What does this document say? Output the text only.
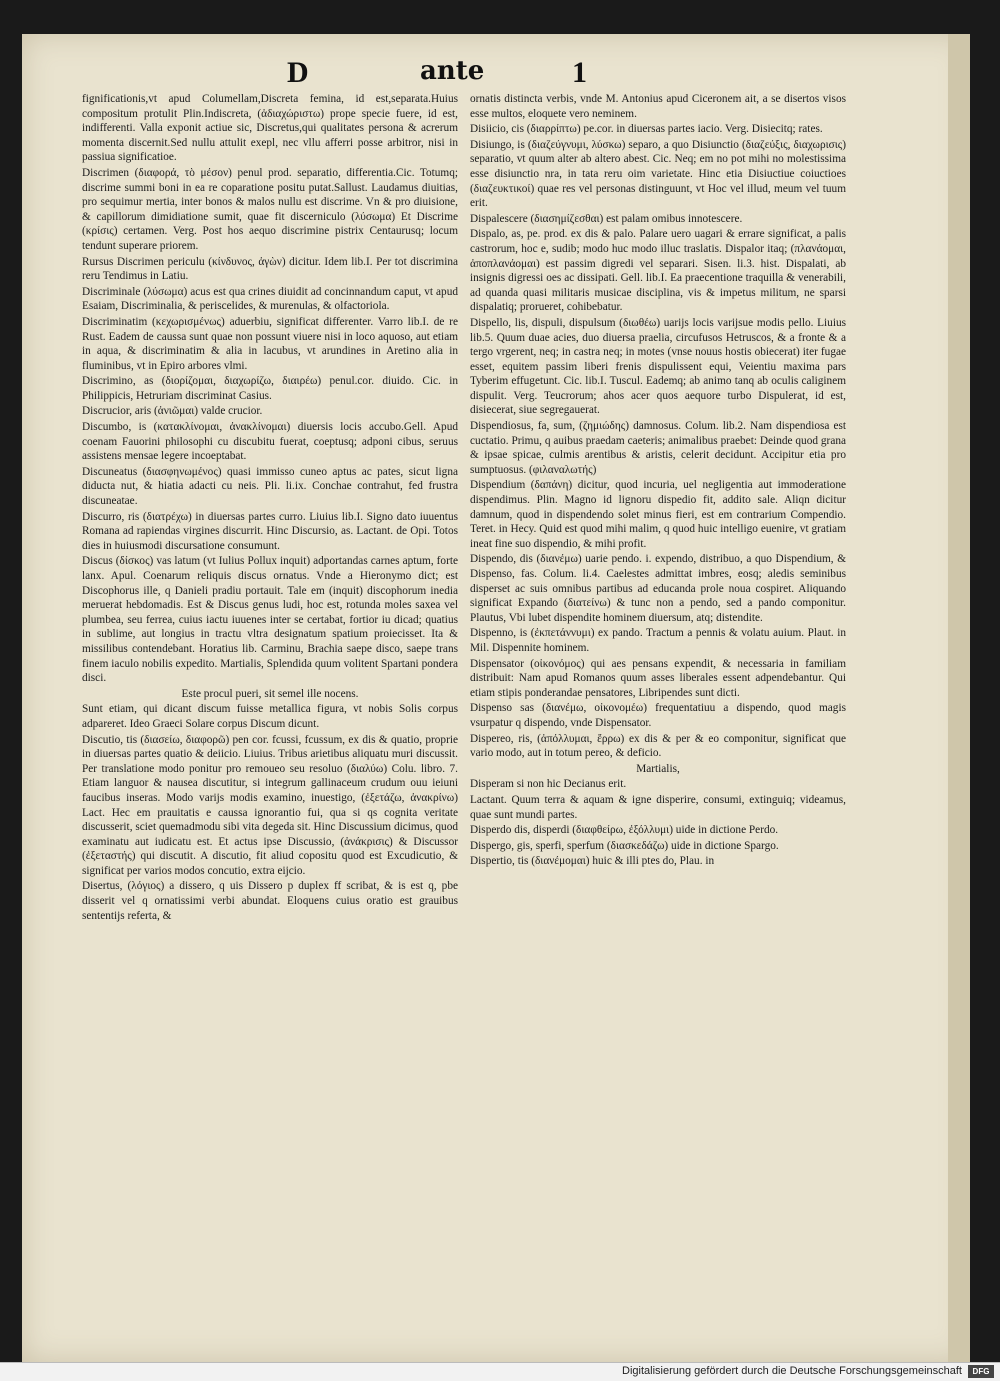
D	ante	1

fignificationis,vt apud Columellam,Discreta femina, id est,separata.Huius compositum protulit Plin.Indiscreta, (ἀδιαχώριστω) prope specie fuere, id est, indifferenti. Valla exponit actiue sic, Discretus,qui qualitates persona & acrerum momenta discernit.Sed nullu attulit exepl, nec vllu afferri posse arbitror, nisi in passiua significatioe.

Discrimen (διαφορά, τὸ μέσον) penul prod. separatio, differentia.Cic. Totumq; discrime summi boni in ea re coparatione positu putat.Sallust. Laudamus diuitias, pro sequimur mertia, inter bonos & malos nullu est discrime. Vn & pro diuisione, & capillorum dimidiatione sumit, quae fit discerniculo (λύσωμα) Et Discrime (κρίσις) certamen. Verg. Post hos aequo discrimine pistrix Centaurusq; locum tendunt superare priorem.

Rursus Discrimen periculu (κίνδυνος, ἀγὼν) dicitur. Idem lib.I. Per tot discrimina reru Tendimus in Latiu.

Discriminale (λύσωμα) acus est qua crines diuidit ad concinnandum caput, vt apud Esaiam, Discriminalia, & periscelides, & murenulas, & olfactoriola.

Discriminatim (κεχωρισμένως) aduerbiu, significat differenter. Varro lib.I. de re Rust. Eadem de caussa sunt quae non possunt viuere nisi in loco aquoso, aut etiam in aqua, & discriminatim & alia in lacubus, vt arundines in Aretino alia in fluminibus, vt in Epiro arbores vlmi.

Discrimino, as (διορίζομαι, διαχωρίζω, διαιρέω) penul.cor. diuido. Cic. in Philippicis, Hetruriam discriminat Casius.

Discrucior, aris (ἀνιῶμαι) valde crucior.

Discumbo, is (κατακλίνομαι, ἀνακλίνομαι) diuersis locis accubo.Gell. Apud coenam Fauorini philosophi cu discubitu fuerat, coeptusq; adponi cibus, seruus assistens mensae legere incoeptabat.

Discuneatus (διασφηνωμένος) quasi immisso cuneo aptus ac pates, sicut ligna diducta nut, & hiatia adacti cu neis. Pli. li.ix. Conchae contrahut, fed frustra discuneatae.

Discurro, ris (διατρέχω) in diuersas partes curro. Liuius lib.I. Signo dato iuuentus Romana ad rapiendas virgines discurrit. Hinc Discursio, as. Lactant. de Opi. Totos dies in huiusmodi discursatione consumunt.

Discus (δίσκος) vas latum (vt Iulius Pollux inquit) adportandas carnes aptum, forte lanx. Apul. Coenarum reliquis discus ornatus. Vnde a Hieronymo dict; est Discophorus ille, q Danieli pradiu portauit. Tale em (inquit) discophorum inedia meruerat hebdomadis. Est & Discus genus ludi, hoc est, rotunda moles saxea vel plumbea, seu ferrea, cuius iactu iuuenes inter se certabat, fortior iu dicad; quatius in sublime, aut longius in tractu vltra designatum spatium proiecisset. Ita & missilibus contendebant. Horatius lib. Carminu, Brachia saepe disco, saepe trans finem iaculo nobilis expedito. Martialis, Splendida quum volitent Spartani pondera disci.

Este procul pueri, sit semel ille nocens.

Sunt etiam, qui dicant discum fuisse metallica figura, vt nobis Solis corpus adpareret. Ideo Graeci Solare corpus Discum dicunt.

Discutio, tis (διασείω, διαφορῶ) pen cor. fcussi, fcussum, ex dis & quatio, proprie in diuersas partes quatio & deiicio. Liuius. Tribus arietibus aliquatu muri discussit. Per translatione modo ponitur pro remoueo seu resoluo (διαλύω) Colu. libro. 7. Etiam languor & nausea discutitur, si integrum gallinaceum crudum ouu ieiuni faucibus inseras. Modo varijs modis examino, inuestigo, (ἐξετάζω, ἀνακρίνω) Lact. Hec em prauitatis e caussa ignorantio fui, qua si qs cognita veritate discusserit, sciet quemadmodu sibi vita degeda sit. Hinc Discussium dicimus, quod examinatu aut iudicatu est. Et actus ipse Discussio, (ἀνάκρισις) & Discussor (ἐξεταστής) qui discutit. A discutio, fit aliud copositu quod est Excudicutio, & significat per varios modos concutio, extra eijcio.

Disertus, (λόγιος) a dissero, q uis Dissero p duplex ff scribat, & is est q, pbe disserit vel q ornatissimi verbi abundat. Eloquens cuius oratio est grauibus sententijs referta, &

ornatis distincta verbis, vnde M. Antonius apud Ciceronem ait, a se disertos visos esse multos, eloquete vero neminem.

Disiicio, cis (διαρρίπτω) pe.cor. in diuersas partes iacio. Verg. Disiecitq; rates.

Disiungo, is (διαζεύγνυμι, λύσκω) separo, a quo Disiunctio (διαζεύξις, διαχωρισις) separatio, vt quum alter ab altero abest. Cic. Neq; em no pot mihi no molestissima esse disiunctio nra, in tata reru oim varietate. Hinc etia Disiuctiue coiuctioes (διαζευκτικοί) quae res vel personas distinguunt, vt Hoc vel illud, meum vel tuum erit.

Dispalescere (διασημίζεσθαι) est palam omibus innotescere.

Dispalo, as, pe. prod. ex dis & palo. Palare uero uagari & errare significat, a palis castrorum, hoc e, sudib; modo huc modo illuc traslatis. Dispalor itaq; (πλανάομαι, ἀποπλανάομαι) est passim digredi vel separari. Sisen. li.3. hist. Dispalati, ab insignis digressi oes ac dissipati. Gell. lib.I. Ea praecentione traquilla & venerabili, ad quanda quasi militaris musicae disciplina, vis & impetus militum, ne sparsi dispalatiq; prorueret, cohibebatur.

Dispello, lis, dispuli, dispulsum (διωθέω) uarijs locis varijsue modis pello. Liuius lib.5. Quum duae acies, duo diuersa praelia, circufusos Hetruscos, & a fronte & a tergo vrgerent, neq; in castra neq; in motes (vnse nouus hostis obiecerat) iter fugae esset, equitem passim liberi frenis dispulissent equi, Veientiu maxima pars Tyberim effugetunt. Cic. lib.I. Tuscul. Eademq; ab animo tanq ab oculis caliginem dispulit. Verg. Teucrorum; ahos acer quos aequore turbo Dispulerat, id est, disiecerat, siue segregauerat.

Dispendiosus, fa, sum, (ζημιώδης) damnosus. Colum. lib.2. Nam dispendiosa est cuctatio. Primu, q auibus praedam caeteris; animalibus praebet: Deinde quod grana & ipsae spicae, culmis arentibus & aristis, celerit decidunt. Accipitur etia pro sumptuosus. (φιλαναλωτής)

Dispendium (δαπάνη) dicitur, quod incuria, uel negligentia aut immoderatione dispendimus. Plin. Magno id lignoru dispedio fit, addito sale. Aliqn dicitur damnum, quod in dispendendo solet minus fieri, est em contrarium Compendio. Teret. in Hecy. Quid est quod mihi malim, q quod huic intelligo euenire, vt gratiam ineat fine suo dispendio, & mihi profit.

Dispendo, dis (διανέμω) uarie pendo. i. expendo, distribuo, a quo Dispendium, & Dispenso, fas. Colum. li.4. Caelestes admittat imbres, eosq; aledis seminibus disperset ac suis omnibus partibus ad educanda prole noua cospiret. Aliquando significat Expando (διατείνω) & tunc non a pendo, sed a pando componitur. Plautus, Vbi lubet dispendite hominem diuersum, atq; distendite.

Dispenno, is (ἐκπετάννυμι) ex pando. Tractum a pennis & volatu auium. Plaut. in Mil. Dispennite hominem.

Dispensator (οἰκονόμος) qui aes pensans expendit, & necessaria in familiam distribuit: Nam apud Romanos quum asses liberales essent adpendebantur. Qui etiam stipis ponderandae pensatores, Libripendes sunt dicti.

Dispenso sas (διανέμω, οἰκονομέω) frequentatiuu a dispendo, quod magis vsurpatur q dispendo, vnde Dispensator.

Dispereo, ris, (ἀπόλλυμαι, ἔρρω) ex dis & per & eo componitur, significat que vario modo, aut in totum pereo, & deficio.

Martialis,

Disperam si non hic Decianus erit.

Lactant. Quum terra & aquam & igne disperire, consumi, extinguiq; videamus, quae sunt mundi partes.

Disperdo dis, disperdi (διαφθείρω, ἐξόλλυμι) uide in dictione Perdo.

Dispergo, gis, sperfi, sperfum (διασκεδάζω) uide in dictione Spargo.

Dispertio, tis (διανέμομαι) huic & illi ptes do, Plau. in

Digitalisierung gefördert durch die Deutsche Forschungsgemeinschaft	DFG
